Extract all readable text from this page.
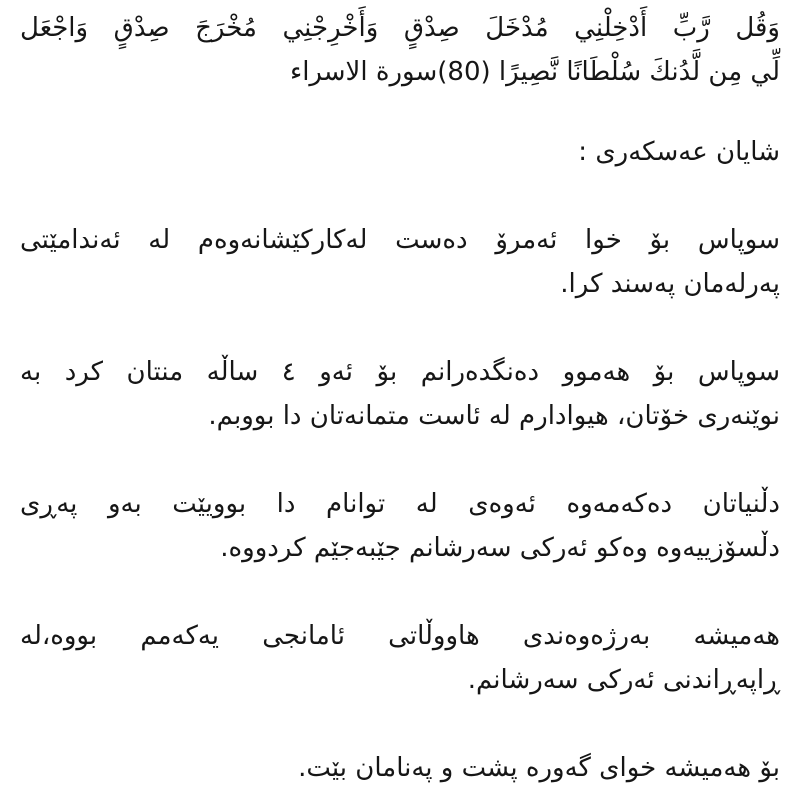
وَقُل رَّبِّ أَدْخِلْنِي مُدْخَلَ صِدْقٍ وَأَخْرِجْنِي مُخْرَجَ صِدْقٍ وَاجْعَل
لِّي مِن لَّدُنكَ سُلْطَانًا نَّصِيرًا (80)سورة الاسراء
شايان عەسکەری :
سوپاس بۆ خوا ئەمرۆ دەست لەکارکێشانەوەم لە ئەندامێتی
پەرلەمان پەسند کرا.
سوپاس بۆ هەموو دەنگدەرانم بۆ ئەو ٤ ساڵە منتان کرد بە
نوێنەری خۆتان، هیوادارم لە ئاست متمانەتان دا بووبم.
دڵنیاتان دەکەمەوە ئەوەی لە توانام دا بوویێت بەو پەڕی
دڵسۆزییەوە وەکو ئەرکی سەرشانم جێبەجێم کردووە.
هەمیشە بەرژەوەندی هاووڵاتی ئامانجی یەکەمم بووە،لە
ڕاپەڕاندنی ئەرکی سەرشانم.
بۆ هەمیشە خوای گەورە پشت و پەنامان بێت.
